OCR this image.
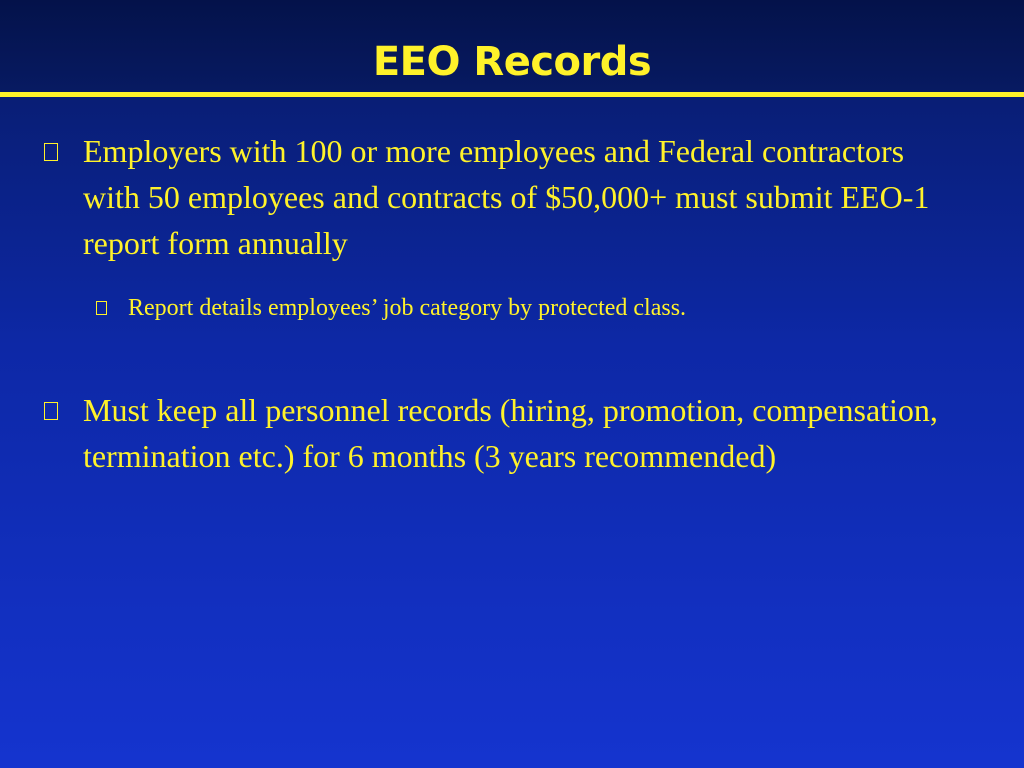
EEO Records
Employers with 100 or more employees and Federal contractors with 50 employees and contracts of $50,000+ must submit EEO-1 report form annually
Report details employees’ job category by protected class.
Must keep all personnel records (hiring, promotion, compensation, termination etc.) for 6 months (3 years recommended)
